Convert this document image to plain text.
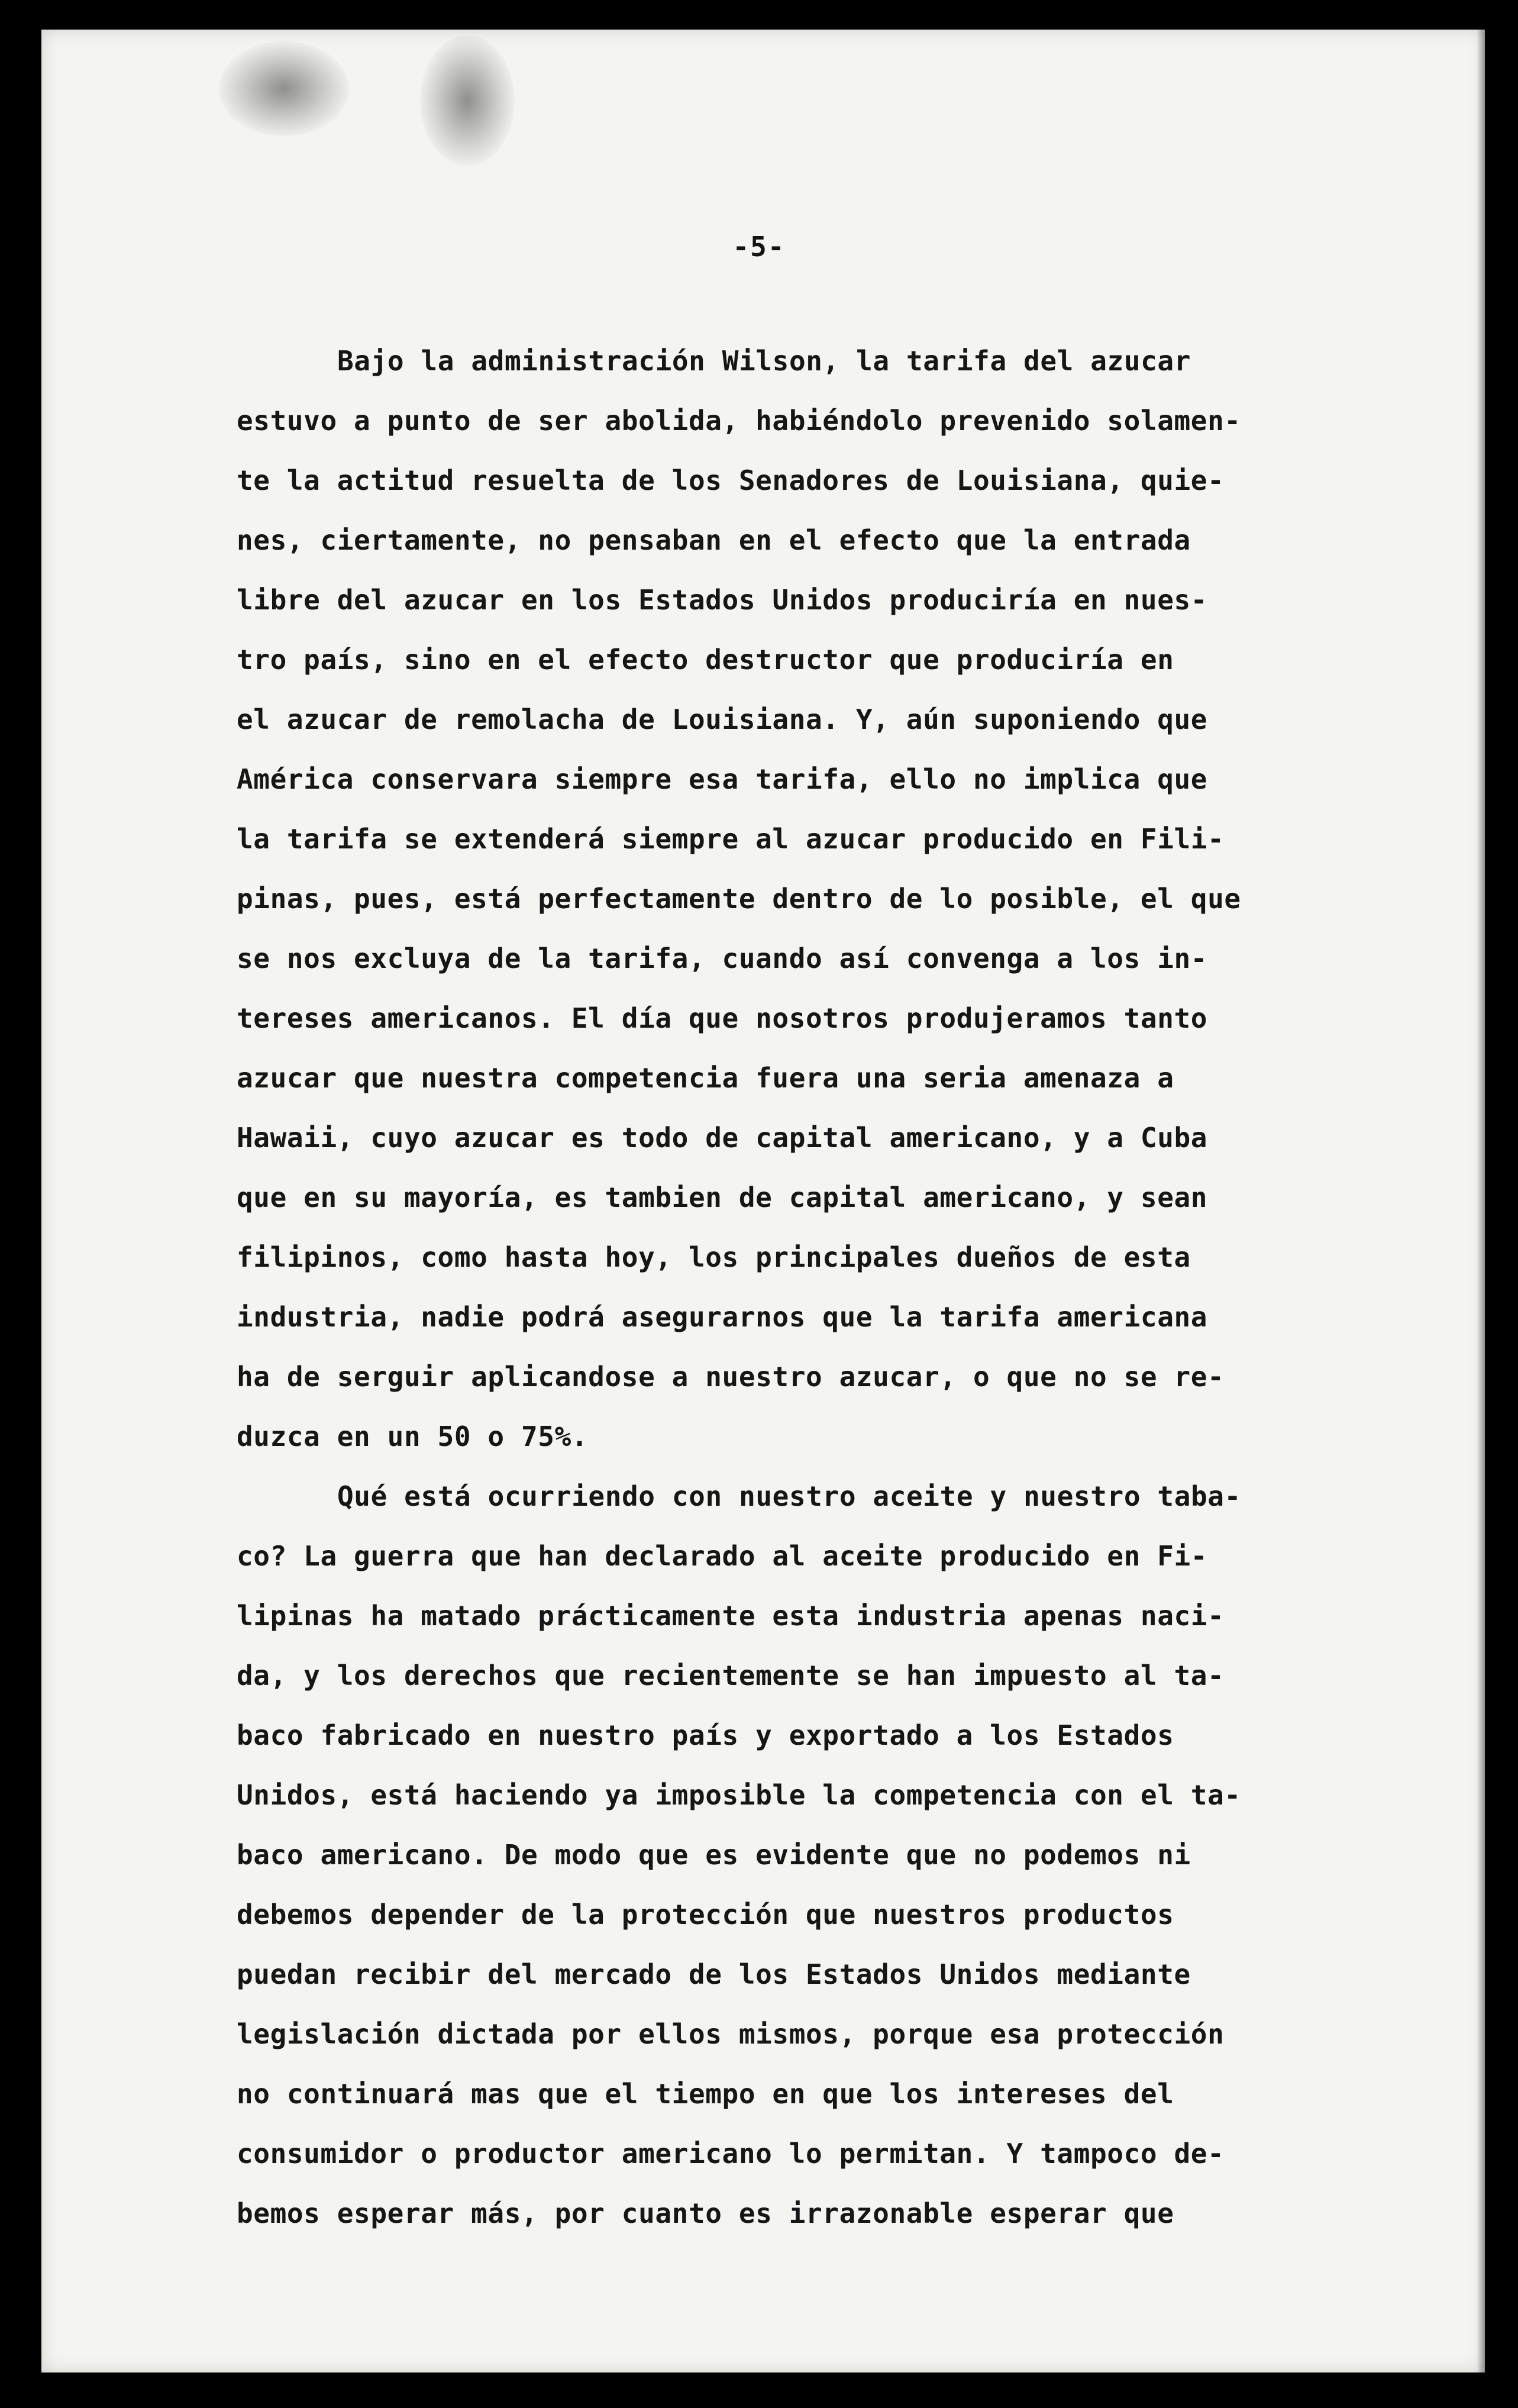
-5-
Bajo la administración Wilson, la tarifa del azucar
estuvo a punto de ser abolida, habiéndolo prevenido solamen-
te la actitud resuelta de los Senadores de Louisiana, quie-
nes, ciertamente, no pensaban en el efecto que la entrada
libre del azucar en los Estados Unidos produciría en nues-
tro país, sino en el efecto destructor que produciría en
el azucar de remolacha de Louisiana. Y, aún suponiendo que
América conservara siempre esa tarifa, ello no implica que
la tarifa se extenderá siempre al azucar producido en Fili-
pinas, pues, está perfectamente dentro de lo posible, el que
se nos excluya de la tarifa, cuando así convenga a los in-
tereses americanos. El día que nosotros produjeramos tanto
azucar que nuestra competencia fuera una seria amenaza a
Hawaii, cuyo azucar es todo de capital americano, y a Cuba
que en su mayoría, es tambien de capital americano, y sean
filipinos, como hasta hoy, los principales dueños de esta
industria, nadie podrá asegurarnos que la tarifa americana
ha de serguir aplicandose a nuestro azucar, o que no se re-
duzca en un 50 o 75%.
Qué está ocurriendo con nuestro aceite y nuestro taba-
co? La guerra que han declarado al aceite producido en Fi-
lipinas ha matado prácticamente esta industria apenas naci-
da, y los derechos que recientemente se han impuesto al ta-
baco fabricado en nuestro país y exportado a los Estados
Unidos, está haciendo ya imposible la competencia con el ta-
baco americano. De modo que es evidente que no podemos ni
debemos depender de la protección que nuestros productos
puedan recibir del mercado de los Estados Unidos mediante
legislación dictada por ellos mismos, porque esa protección
no continuará mas que el tiempo en que los intereses del
consumidor o productor americano lo permitan. Y tampoco de-
bemos esperar más, por cuanto es irrazonable esperar que
